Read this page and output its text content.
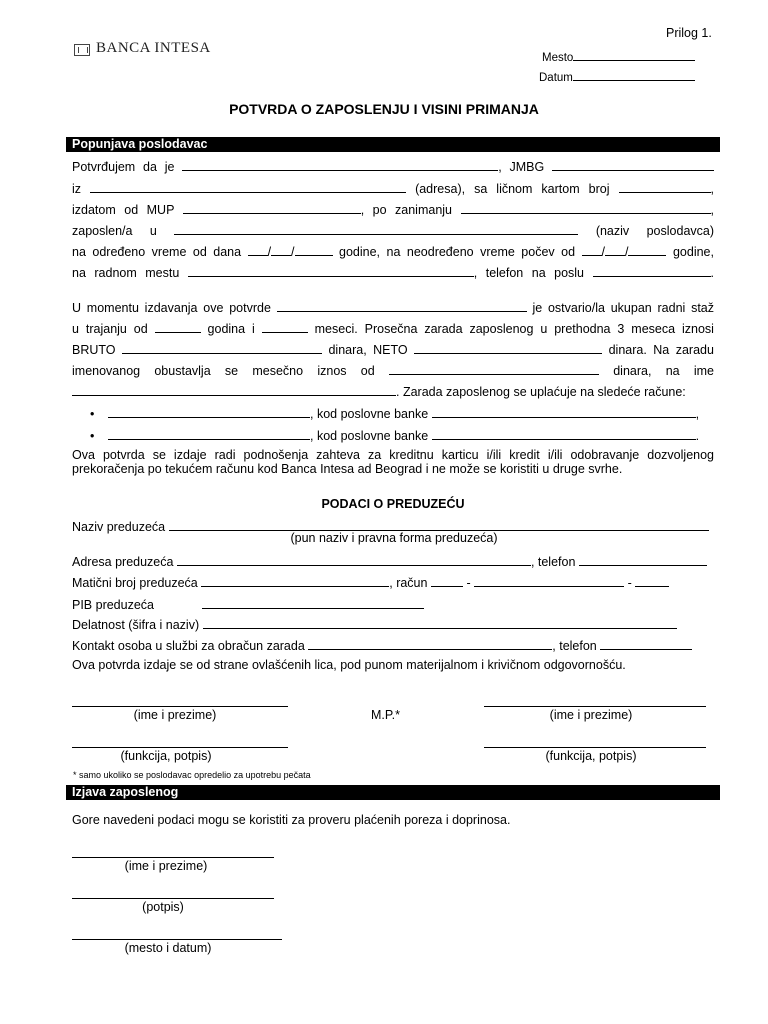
Prilog 1.
BANCA INTESA
Mesto
Datum
POTVRDA O ZAPOSLENJU I VISINI PRIMANJA
Popunjava poslodavac
Potvrđujem da je	, JMBG
iz	(adresa), sa ličnom kartom broj	,
izdatom od MUP	, po zanimanju	,
zaposlen/a u	(naziv poslodavca)
na određeno vreme od dana / /	godine, na neodređeno vreme počev od / /	godine,
na radnom mestu	, telefon na poslu	.
U momentu izdavanja ove potvrde	je ostvario/la ukupan radni staž
u trajanju od	godina i	meseci. Prosečna zarada zaposlenog u prethodna 3 meseca iznosi
BRUTO	dinara, NETO	dinara. Na zaradu
imenovanog obustavlja se mesečno iznos od	dinara, na ime
. Zarada zaposlenog se uplaćuje na sledeće račune:
•	, kod poslovne banke	,
•	, kod poslovne banke	.
Ova potvrda se izdaje radi podnošenja zahteva za kreditnu karticu i/ili kredit i/ili odobravanje dozvoljenog
prekoračenja po tekućem računu kod Banca Intesa ad Beograd i ne može se koristiti u druge svrhe.
PODACI O PREDUZEĆU
Naziv preduzeća
(pun naziv i pravna forma preduzeća)
Adresa preduzeća	, telefon
Matični broj preduzeća	, račun	-	-
PIB preduzeća
Delatnost (šifra i naziv)
Kontakt osoba u službi za obračun zarada	, telefon
Ova potvrda izdaje se od strane ovlašćenih lica, pod punom materijalnom i krivičnom odgovornošću.
(ime i prezime)	M.P.*	(ime i prezime)
(funkcija, potpis)	(funkcija, potpis)
* samo ukoliko se poslodavac opredelio za upotrebu pečata
Izjava zaposlenog
Gore navedeni podaci mogu se koristiti za proveru plaćenih poreza i doprinosa.
(ime i prezime)
(potpis)
(mesto i datum)
